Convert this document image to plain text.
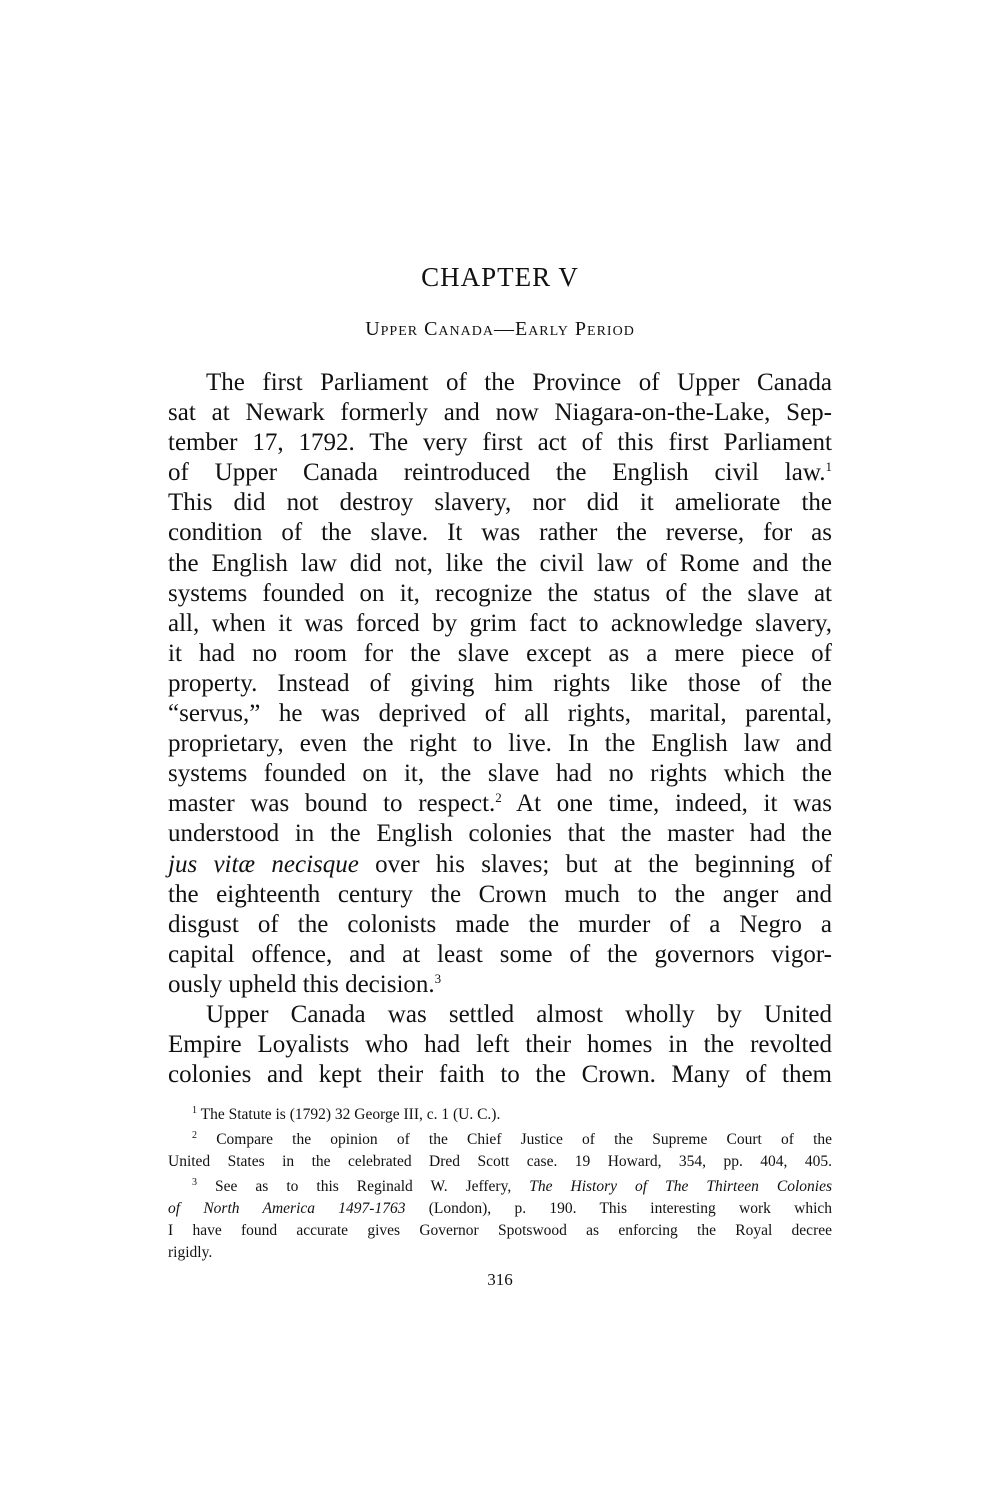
CHAPTER V
Upper Canada—Early Period
The first Parliament of the Province of Upper Canada
sat at Newark formerly and now Niagara-on-the-Lake, Sep-
tember 17, 1792. The very first act of this first Parliament
of Upper Canada reintroduced the English civil law.$^1$
This did not destroy slavery, nor did it ameliorate the
condition of the slave. It was rather the reverse, for as
the English law did not, like the civil law of Rome and the
systems founded on it, recognize the status of the slave at
all, when it was forced by grim fact to acknowledge slavery,
it had no room for the slave except as a mere piece of
property. Instead of giving him rights like those of the
“servus,” he was deprived of all rights, marital, parental,
proprietary, even the right to live. In the English law and
systems founded on it, the slave had no rights which the
master was bound to respect.$^2$ At one time, indeed, it was
understood in the English colonies that the master had the
jus vitæ necisque over his slaves; but at the beginning of
the eighteenth century the Crown much to the anger and
disgust of the colonists made the murder of a Negro a
capital offence, and at least some of the governors vigor-
ously upheld this decision.$^3$
Upper Canada was settled almost wholly by United
Empire Loyalists who had left their homes in the revolted
colonies and kept their faith to the Crown. Many of them
$^1$ The Statute is (1792) 32 George III, c. 1 (U. C.).
$^2$ Compare the opinion of the Chief Justice of the Supreme Court of the
United States in the celebrated Dred Scott case. 19 Howard, 354, pp. 404, 405.
$^3$ See as to this Reginald W. Jeffery, The History of The Thirteen Colonies
of North America 1497-1763 (London), p. 190. This interesting work which
I have found accurate gives Governor Spotswood as enforcing the Royal decree
rigidly.
316
